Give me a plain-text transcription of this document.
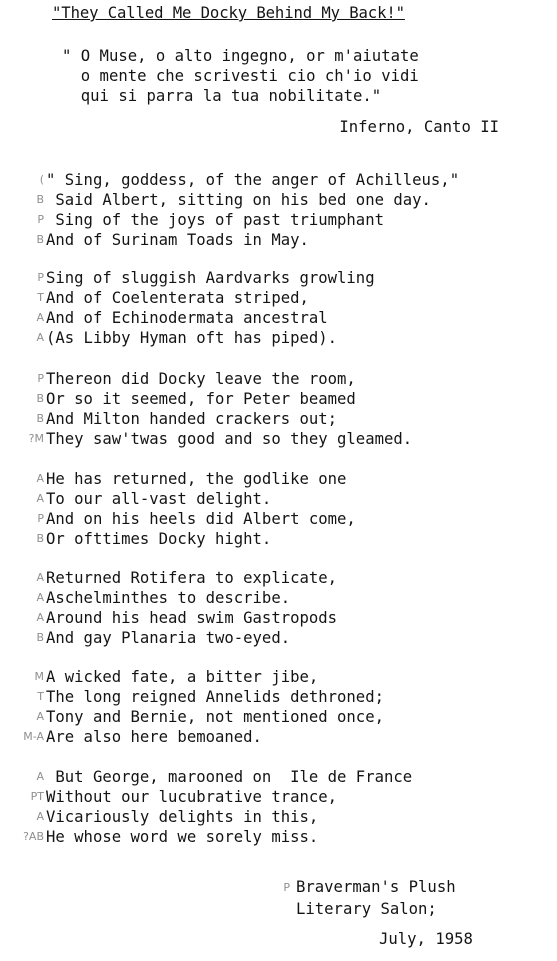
"They Called Me Docky Behind My Back!"
" O Muse, o alto ingegno, or m'aiutate
o mente che scrivesti cio ch'io vidi
qui si parra la tua nobilitate."
Inferno, Canto II
( " Sing, goddess, of the anger of Achilleus,"
B Said Albert, sitting on his bed one day.
P Sing of the joys of past triumphant
B And of Surinam Toads in May.
P Sing of sluggish Aardvarks growling
T And of Coelenterata striped,
A And of Echinodermata ancestral
A (As Libby Hyman oft has piped).
P Thereon did Docky leave the room,
B Or so it seemed, for Peter beamed
B And Milton handed crackers out;
?M They saw'twas good and so they gleamed.
A He has returned, the godlike one
A To our all-vast delight.
P And on his heels did Albert come,
B Or ofttimes Docky hight.
A Returned Rotifera to explicate,
A Aschelminthes to describe.
A Around his head swim Gastropods
B And gay Planaria two-eyed.
M A wicked fate, a bitter jibe,
T The long reigned Annelids dethroned;
A Tony and Bernie, not mentioned once,
M-A Are also here bemoaned.
A But George, marooned on  Ile de France
PT Without our lucubrative trance,
A Vicariously delights in this,
?AB He whose word we sorely miss.
P Braverman's Plush
Literary Salon;
July, 1958
